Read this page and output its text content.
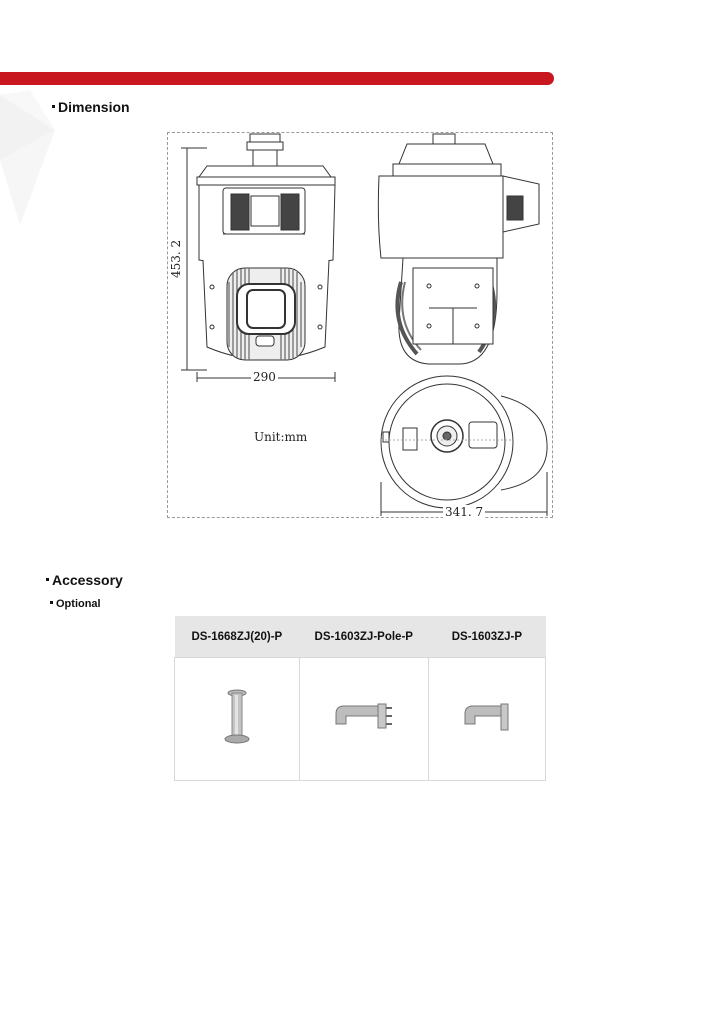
Dimension
453. 2
290
341. 7
Unit:mm
Accessory
Optional
DS-1668ZJ(20)-P	DS-1603ZJ-Pole-P	DS-1603ZJ-P
